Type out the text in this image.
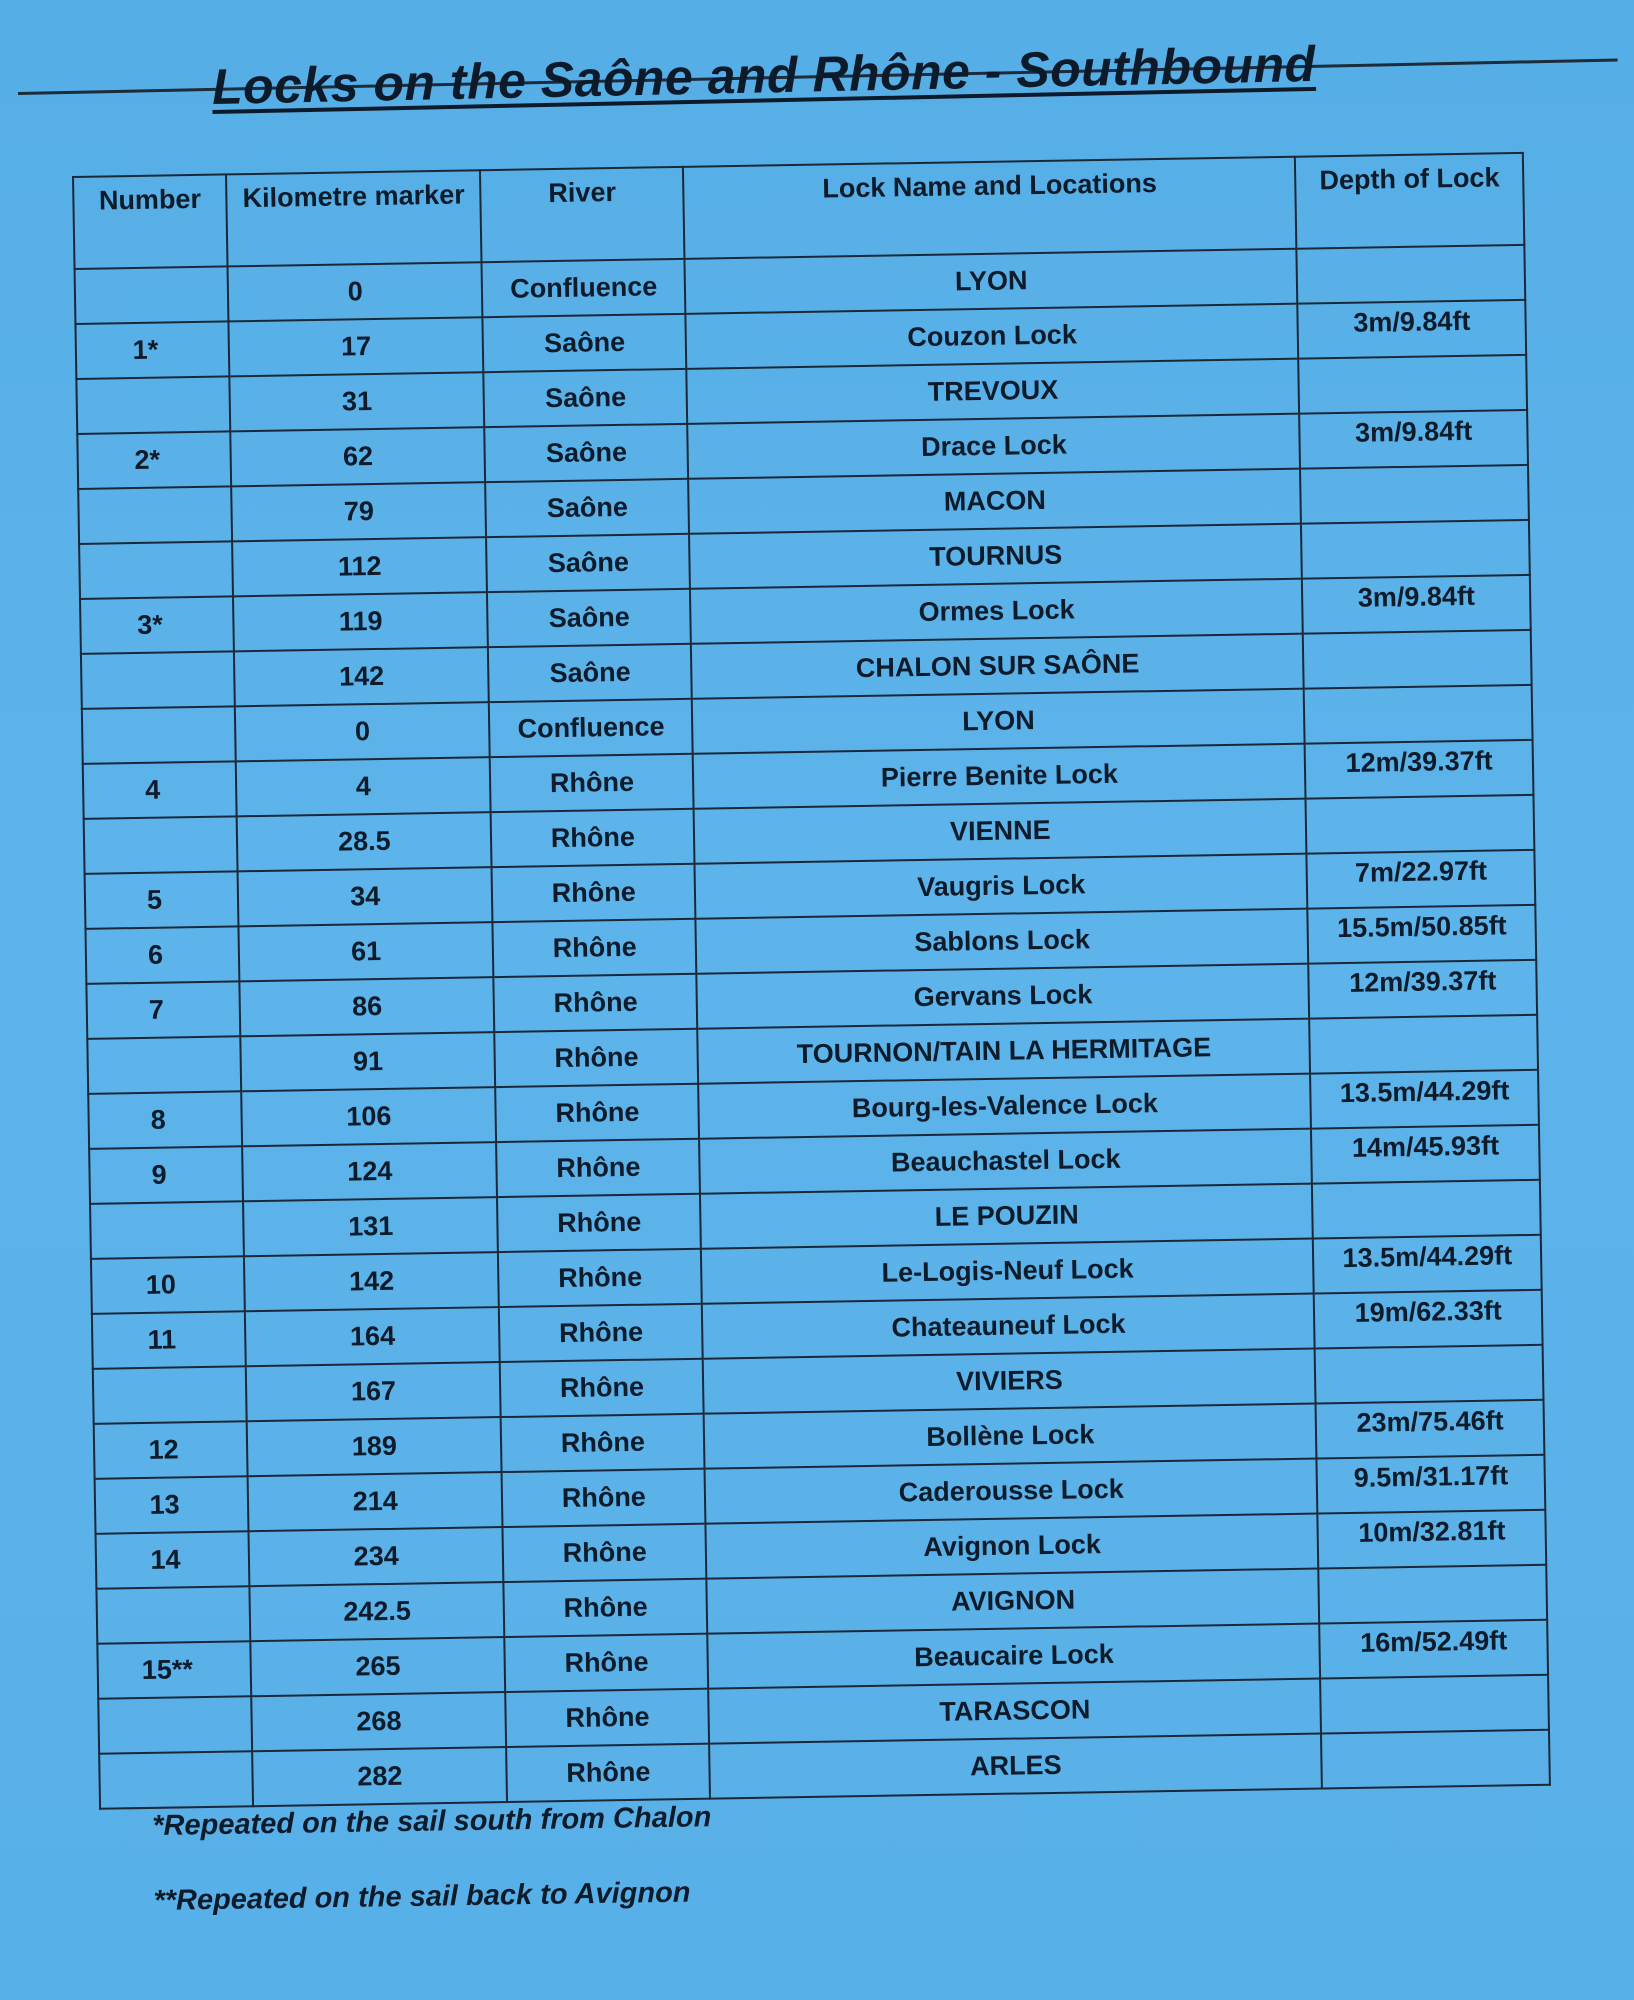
Locks on the Saône and Rhône - Southbound
Number	Kilometre marker	River	Lock Name and Locations	Depth of Lock
	0	Confluence	LYON	
1*	17	Saône	Couzon Lock	3m/9.84ft
	31	Saône	TREVOUX	
2*	62	Saône	Drace Lock	3m/9.84ft
	79	Saône	MACON	
	112	Saône	TOURNUS	
3*	119	Saône	Ormes Lock	3m/9.84ft
	142	Saône	CHALON SUR SAÔNE	
	0	Confluence	LYON	
4	4	Rhône	Pierre Benite Lock	12m/39.37ft
	28.5	Rhône	VIENNE	
5	34	Rhône	Vaugris Lock	7m/22.97ft
6	61	Rhône	Sablons Lock	15.5m/50.85ft
7	86	Rhône	Gervans Lock	12m/39.37ft
	91	Rhône	TOURNON/TAIN LA HERMITAGE	
8	106	Rhône	Bourg-les-Valence Lock	13.5m/44.29ft
9	124	Rhône	Beauchastel Lock	14m/45.93ft
	131	Rhône	LE POUZIN	
10	142	Rhône	Le-Logis-Neuf Lock	13.5m/44.29ft
11	164	Rhône	Chateauneuf Lock	19m/62.33ft
	167	Rhône	VIVIERS	
12	189	Rhône	Bollène Lock	23m/75.46ft
13	214	Rhône	Caderousse Lock	9.5m/31.17ft
14	234	Rhône	Avignon Lock	10m/32.81ft
	242.5	Rhône	AVIGNON	
15**	265	Rhône	Beaucaire Lock	16m/52.49ft
	268	Rhône	TARASCON	
	282	Rhône	ARLES	

*Repeated on the sail south from Chalon

**Repeated on the sail back to Avignon
